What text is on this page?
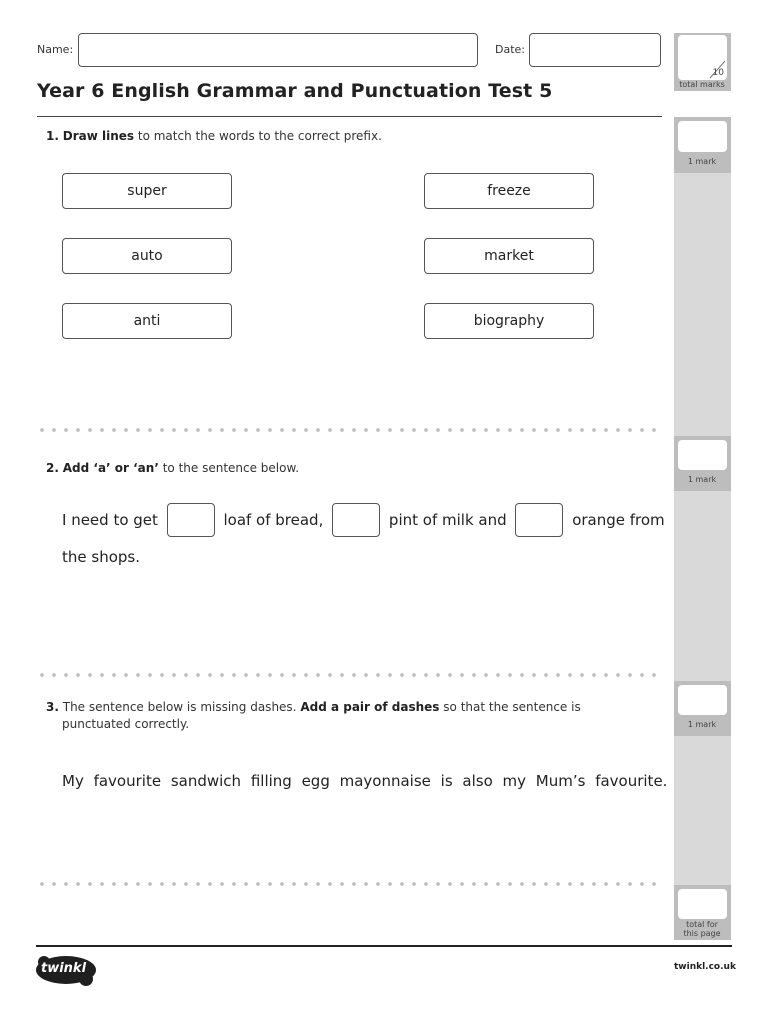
Name:	Date:
Year 6 English Grammar and Punctuation Test 5
10
total marks
1 mark
1 mark
1 mark
total for
this page
1. Draw lines to match the words to the correct prefix.
super
auto
anti
freeze
market
biography
2. Add ‘a’ or ‘an’ to the sentence below.
I need to get	loaf of bread,	pint of milk and	orange from
the shops.
3. The sentence below is missing dashes. Add a pair of dashes so that the sentence is
punctuated correctly.
My favourite sandwich filling egg mayonnaise is also my Mum’s favourite.
twinkl	twinkl.co.uk
